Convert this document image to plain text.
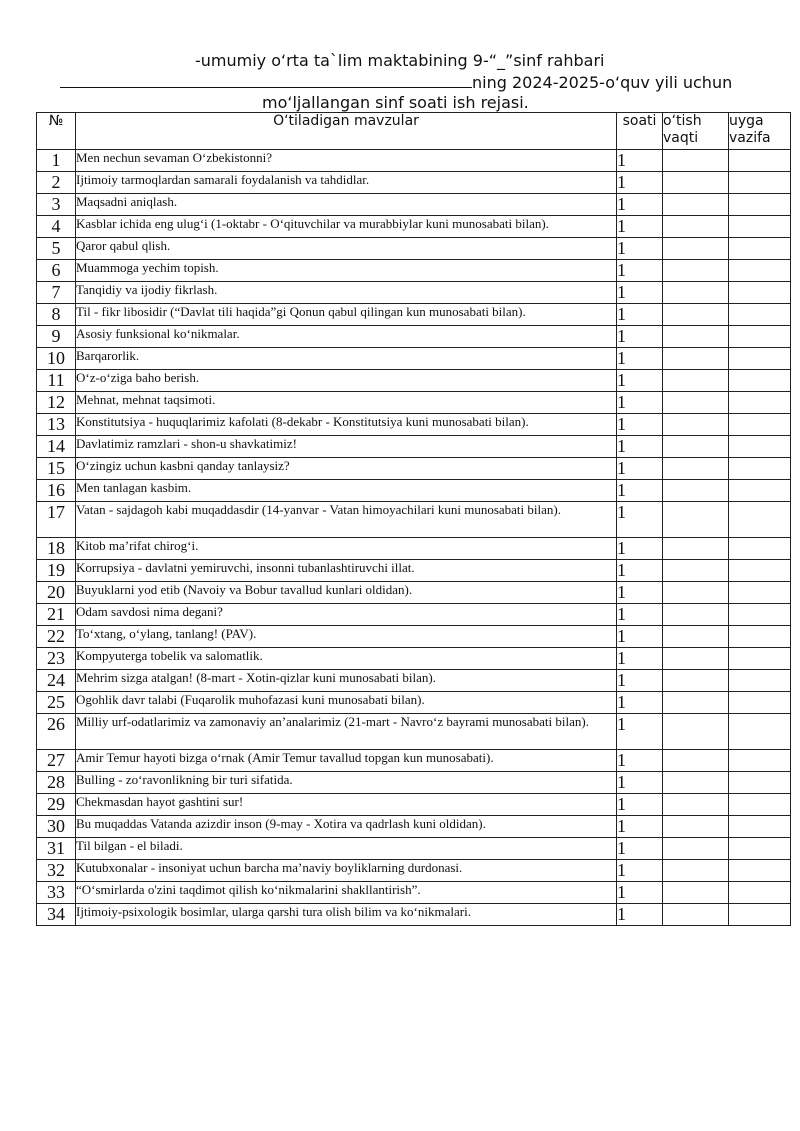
-umumiy o‘rta ta`lim maktabining 9-“_”sinf rahbari
ning 2024-2025-o‘quv yili uchun
mo‘ljallangan sinf soati ish rejasi.
№	O‘tiladigan mavzular	soati	o‘tish vaqti	uyga vazifa
1	Men nechun sevaman O‘zbekistonni?	1		
2	Ijtimoiy tarmoqlardan samarali foydalanish va tahdidlar.	1		
3	Maqsadni aniqlash.	1		
4	Kasblar ichida eng ulug‘i (1-oktabr - O‘qituvchilar va murabbiylar kuni munosabati bilan).	1		
5	Qaror qabul qlish.	1		
6	Muammoga yechim topish.	1		
7	Tanqidiy va ijodiy fikrlash.	1		
8	Til - fikr libosidir (“Davlat tili haqida”gi Qonun qabul qilingan kun munosabati bilan).	1		
9	Asosiy funksional ko‘nikmalar.	1		
10	Barqarorlik.	1		
11	O‘z-o‘ziga baho berish.	1		
12	Mehnat, mehnat taqsimoti.	1		
13	Konstitutsiya - huquqlarimiz kafolati (8-dekabr - Konstitutsiya kuni munosabati bilan).	1		
14	Davlatimiz ramzlari - shon-u shavkatimiz!	1		
15	O‘zingiz uchun kasbni qanday tanlaysiz?	1		
16	Men tanlagan kasbim.	1		
17	Vatan - sajdagoh kabi muqaddasdir (14-yanvar - Vatan himoyachilari kuni munosabati bilan).	1		
18	Kitob ma’rifat chirog‘i.	1		
19	Korrupsiya - davlatni yemiruvchi, insonni tubanlashtiruvchi illat.	1		
20	Buyuklarni yod etib (Navoiy va Bobur tavallud kunlari oldidan).	1		
21	Odam savdosi nima degani?	1		
22	To‘xtang, o‘ylang, tanlang! (PAV).	1		
23	Kompyuterga tobelik va salomatlik.	1		
24	Mehrim sizga atalgan! (8-mart - Xotin-qizlar kuni munosabati bilan).	1		
25	Ogohlik davr talabi (Fuqarolik muhofazasi kuni munosabati bilan).	1		
26	Milliy urf-odatlarimiz va zamonaviy an’analarimiz (21-mart - Navro‘z bayrami munosabati bilan).	1		
27	Amir Temur hayoti bizga o‘rnak (Amir Temur tavallud topgan kun munosabati).	1		
28	Bulling - zo‘ravonlikning bir turi sifatida.	1		
29	Chekmasdan hayot gashtini sur!	1		
30	Bu muqaddas Vatanda azizdir inson (9-may - Xotira va qadrlash kuni oldidan).	1		
31	Til bilgan - el biladi.	1		
32	Kutubxonalar - insoniyat uchun barcha ma’naviy boyliklarning durdonasi.	1		
33	“O‘smirlarda o'zini taqdimot qilish ko‘nikmalarini shakllantirish”.	1		
34	Ijtimoiy-psixologik bosimlar, ularga qarshi tura olish bilim va ko‘nikmalari.	1		
